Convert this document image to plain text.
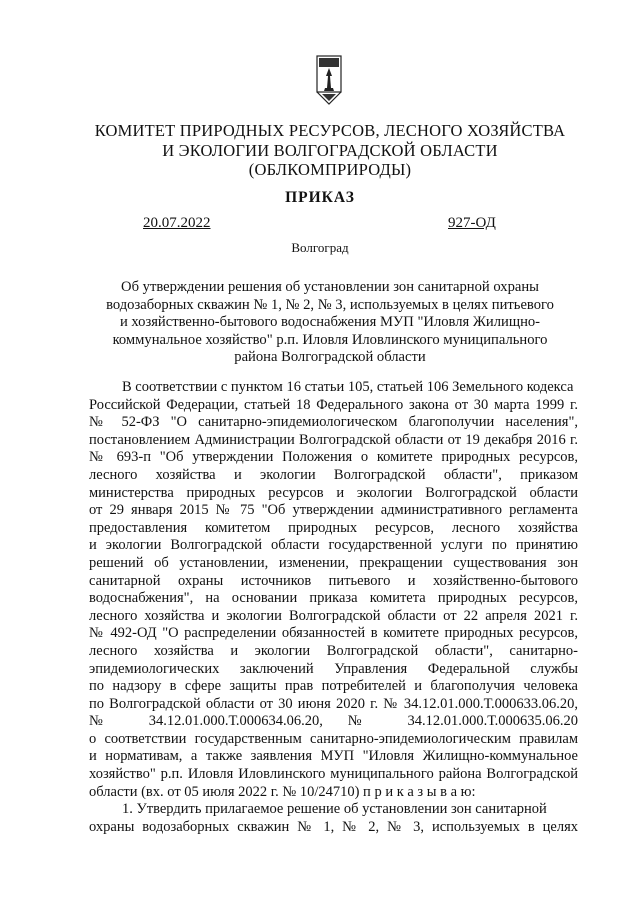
КОМИТЕТ ПРИРОДНЫХ РЕСУРСОВ, ЛЕСНОГО ХОЗЯЙСТВА
И ЭКОЛОГИИ ВОЛГОГРАДСКОЙ ОБЛАСТИ
(ОБЛКОМПРИРОДЫ)
ПРИКАЗ
20.07.2022	927-ОД
Волгоград
Об утверждении решения об установлении зон санитарной охраны
водозаборных скважин № 1, № 2, № 3, используемых в целях питьевого
и хозяйственно-бытового водоснабжения МУП "Иловля Жилищно-
коммунальное хозяйство" р.п. Иловля Иловлинского муниципального
района Волгоградской области
В соответствии с пунктом 16 статьи 105, статьей 106 Земельного кодекса
Российской Федерации, статьей 18 Федерального закона от 30 марта 1999 г.
№ 52-ФЗ "О санитарно-эпидемиологическом благополучии населения",
постановлением Администрации Волгоградской области от 19 декабря 2016 г.
№ 693-п "Об утверждении Положения о комитете природных ресурсов,
лесного хозяйства и экологии Волгоградской области", приказом
министерства природных ресурсов и экологии Волгоградской области
от 29 января 2015 № 75 "Об утверждении административного регламента
предоставления комитетом природных ресурсов, лесного хозяйства
и экологии Волгоградской области государственной услуги по принятию
решений об установлении, изменении, прекращении существования зон
санитарной охраны источников питьевого и хозяйственно-бытового
водоснабжения", на основании приказа комитета природных ресурсов,
лесного хозяйства и экологии Волгоградской области от 22 апреля 2021 г.
№ 492-ОД "О распределении обязанностей в комитете природных ресурсов,
лесного хозяйства и экологии Волгоградской области", санитарно-
эпидемиологических заключений Управления Федеральной службы
по надзору в сфере защиты прав потребителей и благополучия человека
по Волгоградской области от 30 июня 2020 г. № 34.12.01.000.Т.000633.06.20,
№ 34.12.01.000.Т.000634.06.20, № 34.12.01.000.Т.000635.06.20
о соответствии государственным санитарно-эпидемиологическим правилам
и нормативам, а также заявления МУП "Иловля Жилищно-коммунальное
хозяйство" р.п. Иловля Иловлинского муниципального района Волгоградской
области (вх. от 05 июля 2022 г. № 10/24710) п р и к а з ы в а ю:
1. Утвердить прилагаемое решение об установлении зон санитарной
охраны водозаборных скважин № 1, № 2, № 3, используемых в целях
